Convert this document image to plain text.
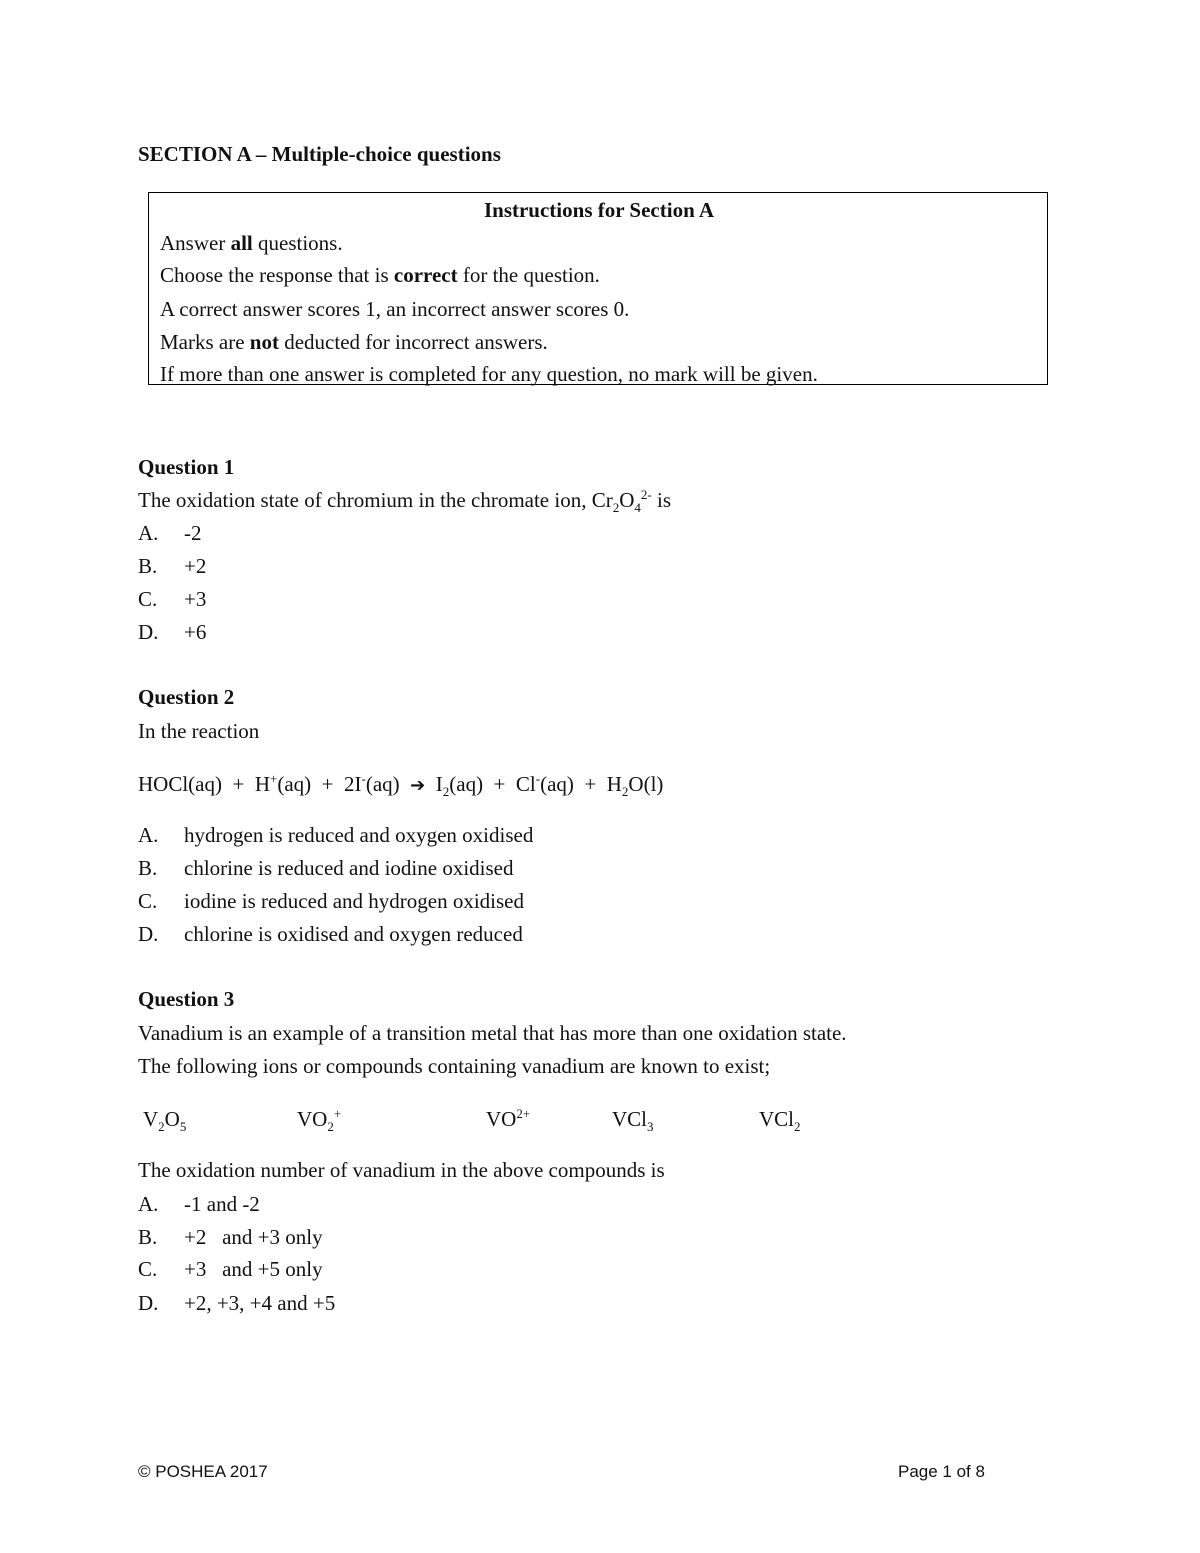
SECTION A – Multiple-choice questions
Instructions for Section A
Answer all questions.
Choose the response that is correct for the question.
A correct answer scores 1, an incorrect answer scores 0.
Marks are not deducted for incorrect answers.
If more than one answer is completed for any question, no mark will be given.
Question 1
The oxidation state of chromium in the chromate ion, $Cr_2O_4^{2-}$ is
A. -2
B. +2
C. +3
D. +6
Question 2
In the reaction
HOCl(aq)  +  H+(aq)  +  2I-(aq)  ➔  $I_2(aq) + Cl^-(aq) + H_2O(l)$
A. hydrogen is reduced and oxygen oxidised
B. chlorine is reduced and iodine oxidised
C. iodine is reduced and hydrogen oxidised
D. chlorine is oxidised and oxygen reduced
Question 3
Vanadium is an example of a transition metal that has more than one oxidation state.
The following ions or compounds containing vanadium are known to exist;
$V_2O_5$	$VO_2^+$	$VO^{2+}$	VCl$_3$	VCl$_2$
The oxidation number of vanadium in the above compounds is
A. -1 and -2
B. +2   and +3 only
C. +3   and +5 only
D. +2, +3, +4 and +5
© POSHEA 2017	Page 1 of 8
